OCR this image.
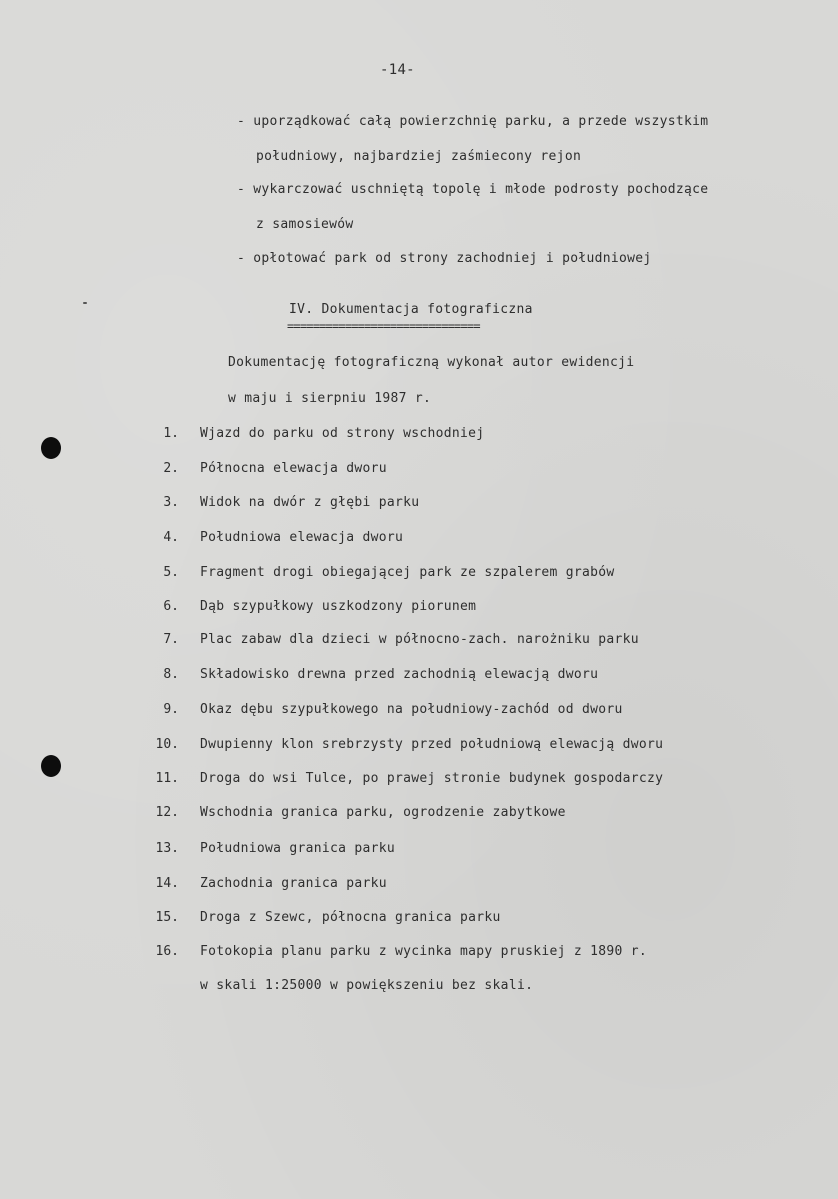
-14-
- uporządkować całą powierzchnię parku, a przede wszystkim
południowy, najbardziej zaśmiecony rejon
- wykarczować uschniętą topolę i młode podrosty pochodzące
z samosiewów
- opłotować park od strony zachodniej i południowej
IV. Dokumentacja fotograficzna
==============================
Dokumentację fotograficzną wykonał autor ewidencji
w maju i sierpniu 1987 r.
1. Wjazd do parku od strony wschodniej
2. Północna elewacja dworu
3. Widok na dwór z głębi parku
4. Południowa elewacja dworu
5. Fragment drogi obiegającej park ze szpalerem grabów
6. Dąb szypułkowy uszkodzony piorunem
7. Plac zabaw dla dzieci w północno-zach. narożniku parku
8. Składowisko drewna przed zachodnią elewacją dworu
9. Okaz dębu szypułkowego na południowy-zachód od dworu
10. Dwupienny klon srebrzysty przed południową elewacją dworu
11. Droga do wsi Tulce, po prawej stronie budynek gospodarczy
12. Wschodnia granica parku, ogrodzenie zabytkowe
13. Południowa granica parku
14. Zachodnia granica parku
15. Droga z Szewc, północna granica parku
16. Fotokopia planu parku z wycinka mapy pruskiej z 1890 r.
w skali 1:25000 w powiększeniu bez skali.
